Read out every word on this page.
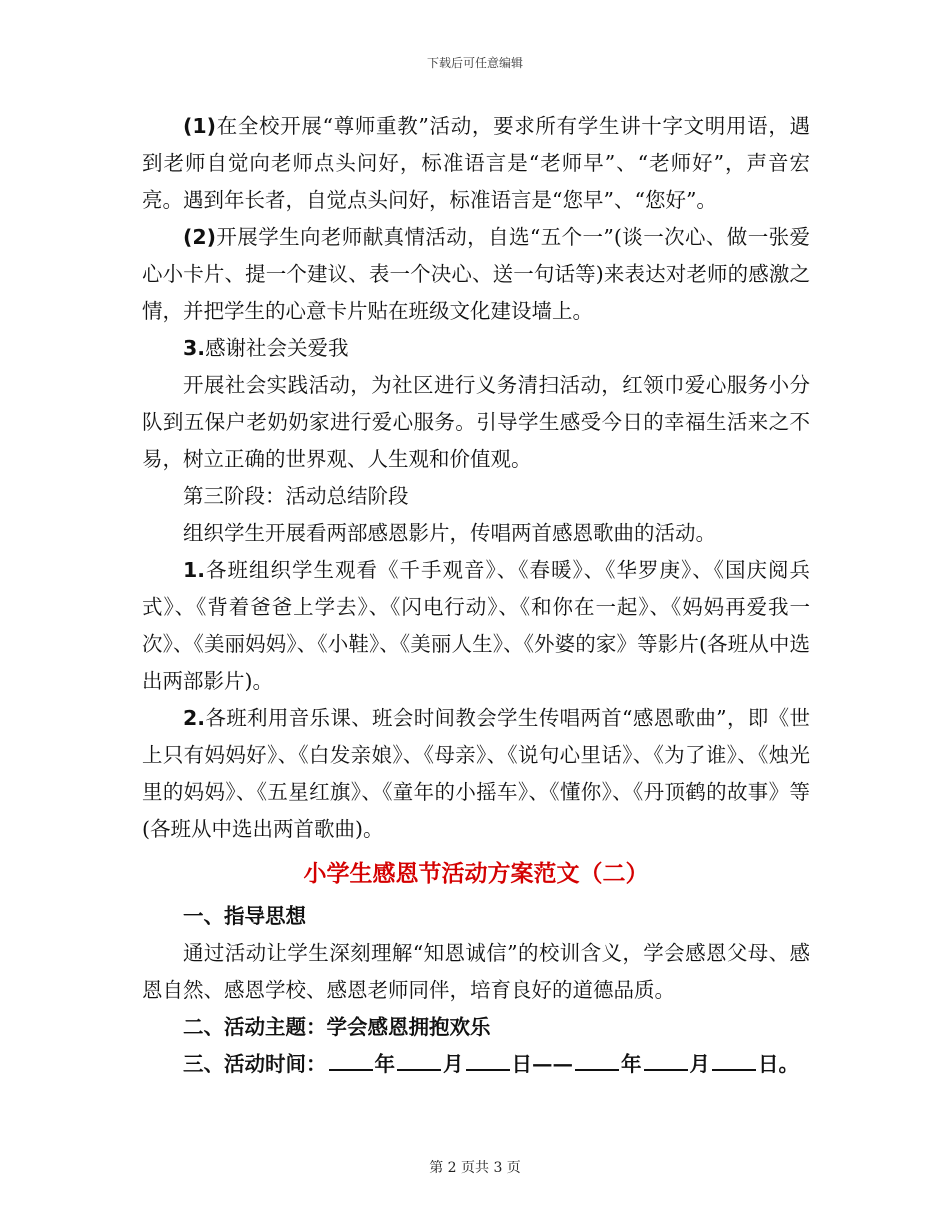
下载后可任意编辑

(1)在全校开展“尊师重教”活动，要求所有学生讲十字文明用语，遇到老师自觉向老师点头问好，标准语言是“老师早”、“老师好”，声音宏亮。遇到年长者，自觉点头问好，标准语言是“您早”、“您好”。

(2)开展学生向老师献真情活动，自选“五个一”(谈一次心、做一张爱心小卡片、提一个建议、表一个决心、送一句话等)来表达对老师的感激之情，并把学生的心意卡片贴在班级文化建设墙上。

3.感谢社会关爱我

开展社会实践活动，为社区进行义务清扫活动，红领巾爱心服务小分队到五保户老奶奶家进行爱心服务。引导学生感受今日的幸福生活来之不易，树立正确的世界观、人生观和价值观。

第三阶段：活动总结阶段

组织学生开展看两部感恩影片，传唱两首感恩歌曲的活动。

1.各班组织学生观看《千手观音》、《春暖》、《华罗庚》、《国庆阅兵式》、《背着爸爸上学去》、《闪电行动》、《和你在一起》、《妈妈再爱我一次》、《美丽妈妈》、《小鞋》、《美丽人生》、《外婆的家》等影片(各班从中选出两部影片)。

2.各班利用音乐课、班会时间教会学生传唱两首“感恩歌曲”，即《世上只有妈妈好》、《白发亲娘》、《母亲》、《说句心里话》、《为了谁》、《烛光里的妈妈》、《五星红旗》、《童年的小摇车》、《懂你》、《丹顶鹤的故事》等(各班从中选出两首歌曲)。

小学生感恩节活动方案范文（二）

一、指导思想

通过活动让学生深刻理解“知恩诚信”的校训含义，学会感恩父母、感恩自然、感恩学校、感恩老师同伴，培育良好的道德品质。

二、活动主题：学会感恩拥抱欢乐

三、活动时间： 年 月 日—— 年 月 日。

第 2 页共 3 页
